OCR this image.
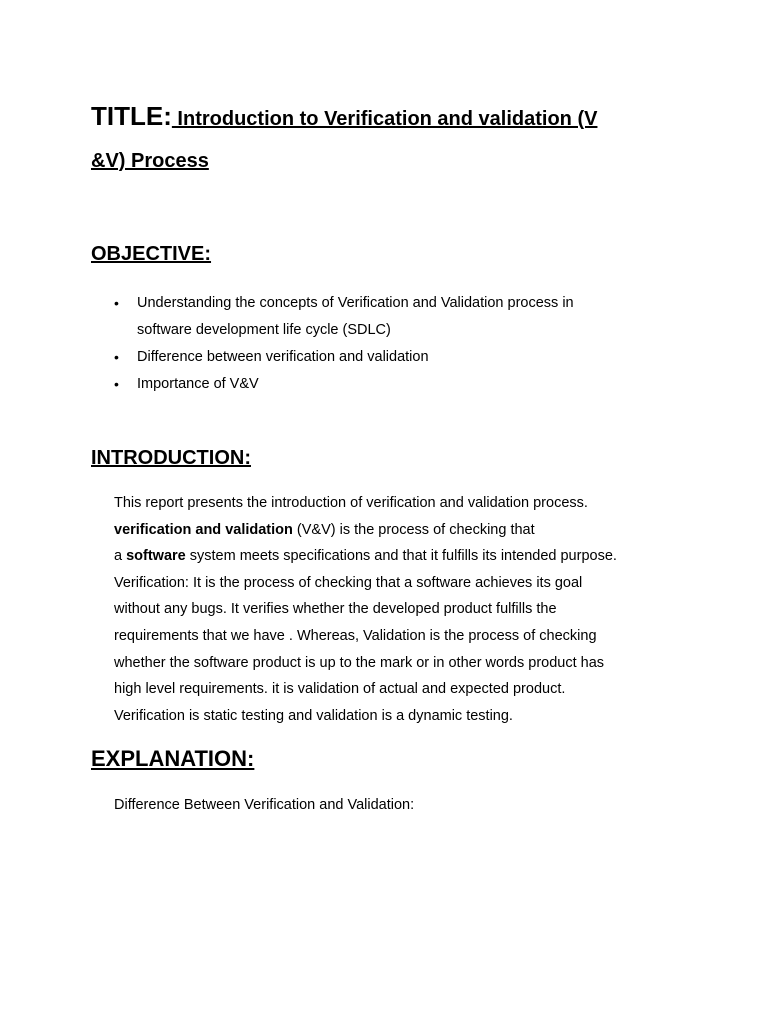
TITLE: Introduction to Verification and validation (V
&V) Process
OBJECTIVE:
• Understanding the concepts of Verification and Validation process in
software development life cycle (SDLC)
• Difference between verification and validation
• Importance of V&V
INTRODUCTION:
This report presents the introduction of verification and validation process.
verification and validation (V&V) is the process of checking that
a software system meets specifications and that it fulfills its intended purpose.
Verification: It is the process of checking that a software achieves its goal
without any bugs. It verifies whether the developed product fulfills the
requirements that we have . Whereas, Validation is the process of checking
whether the software product is up to the mark or in other words product has
high level requirements. it is validation of actual and expected product.
Verification is static testing and validation is a dynamic testing.
EXPLANATION:

Difference Between Verification and Validation:
